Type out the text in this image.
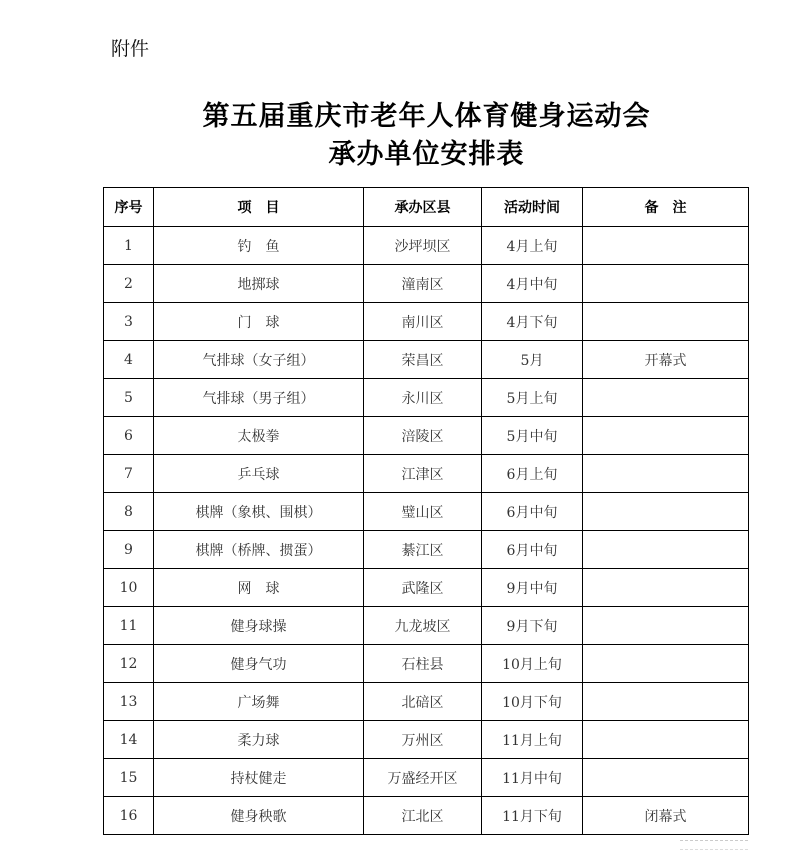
附件
第五届重庆市老年人体育健身运动会
承办单位安排表
序号	项　目	承办区县	活动时间	备　注
1	钓　鱼	沙坪坝区	4月上旬	
2	地掷球	潼南区	4月中旬	
3	门　球	南川区	4月下旬	
4	气排球（女子组）	荣昌区	5月	开幕式
5	气排球（男子组）	永川区	5月上旬	
6	太极拳	涪陵区	5月中旬	
7	乒乓球	江津区	6月上旬	
8	棋牌（象棋、围棋）	璧山区	6月中旬	
9	棋牌（桥牌、掼蛋）	綦江区	6月中旬	
10	网　球	武隆区	9月中旬	
11	健身球操	九龙坡区	9月下旬	
12	健身气功	石柱县	10月上旬	
13	广场舞	北碚区	10月下旬	
14	柔力球	万州区	11月上旬	
15	持杖健走	万盛经开区	11月中旬	
16	健身秧歌	江北区	11月下旬	闭幕式
